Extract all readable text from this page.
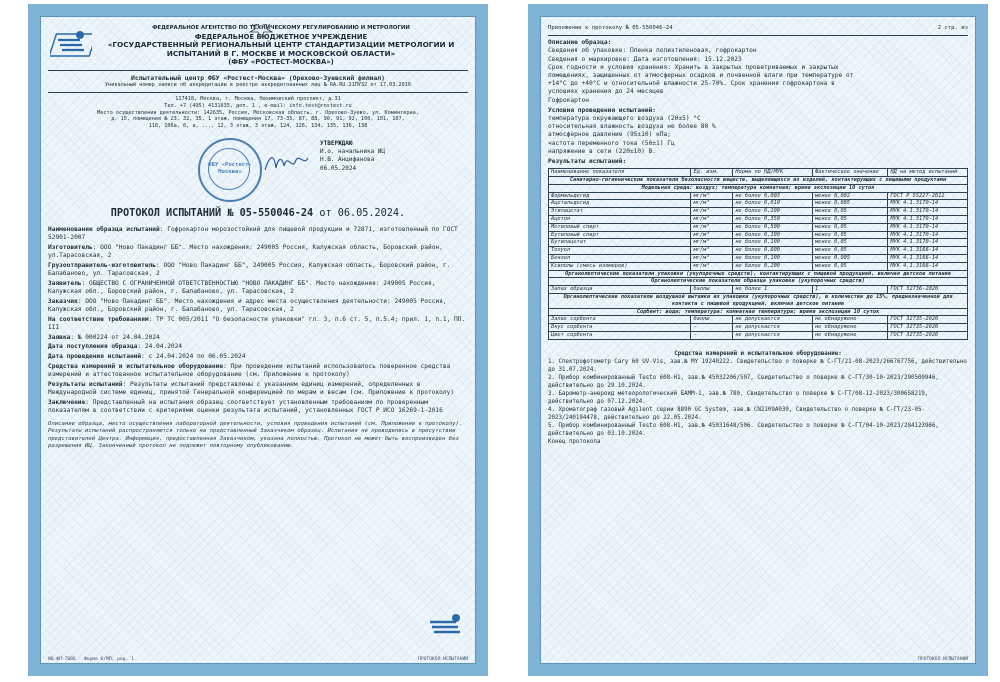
ФЕДЕРАЛЬНОЕ АГЕНТСТВО ПО ТЕХНИЧЕСКОМУ РЕГУЛИРОВАНИЮ И МЕТРОЛОГИИ
ФЕДЕРАЛЬНОЕ БЮДЖЕТНОЕ УЧРЕЖДЕНИЕ
«ГОСУДАРСТВЕННЫЙ РЕГИОНАЛЬНЫЙ ЦЕНТР СТАНДАРТИЗАЦИИ МЕТРОЛОГИИ И
ИСПЫТАНИЙ В Г. МОСКВЕ И МОСКОВСКОЙ ОБЛАСТИ»
(ФБУ «РОСТЕСТ-МОСКВА»)
Испытательный центр ФБУ «Ростест-Москва» (Орехово-Зуевский филиал)
Уникальный номер записи об аккредитации в реестре аккредитованных лиц № RA.RU.21ПУ32 от 17.03.2016
117418, Москва, г. Москва, Нахимовский проспект, д.31
Тел. +7 (495) 4131635, доп. 1 , e-mail: info.test@rostest.ru
Место осуществления деятельности: 142635, Россия, Московская область, г. Орехово-Зуево, ул. Коминтерна,
д. 15, помещения № 23, 32, 35, 1 этаж, помещения 17, 73-35, 87, 88, 90, 91, 92, 100, 101, 107,
110, 106а, 6, а, ..., 12, 3 этаж, 3 этаж, 124, 126, 134, 135, 136, 138
ФБУ «Ростест-Москва»
УТВЕРЖДАЮ
И.о. начальника ИЦ
Н.В. Анцифанова
06.05.2024
ПРОТОКОЛ ИСПЫТАНИЙ № 05-550046-24 от 06.05.2024.
Наименование образца испытаний: Гофрокартон морозостойкий для пищевой продукции и 72871, изготовленный по ГОСТ 52901-2007
Изготовитель: ООО "Ново Пакадинг ББ". Место нахождения: 249005 Россия, Калужская область, Боровский район, ул.Тарасовская, 2
Грузоотправитель-изготовитель: ООО "Ново Пакадинг ББ", 249005 Россия, Калужская область, Боровский район, г. Балабаново, ул. Тарасовская, 2
Заявитель: ОБЩЕСТВО С ОГРАНИЧЕННОЙ ОТВЕТСТВЕННОСТЬЮ "НОВО ПАКАДИНГ ББ". Место нахождения: 249005 Россия, Калужская обл., Боровский район, г. Балабаново, ул. Тарасовская, 2
Заказчик: ООО "Ново Пакадинг ББ". Место нахождения и адрес места осуществления деятельности: 249005 Россия, Калужская обл., Боровский район, г. Балабаново, ул. Тарасовская, 2
На соответствие требованиям: ТР ТС 005/2011 "О безопасности упаковки" гл. 3, п.6 ст. 5, п.5.4; прил. 1, п.1, ПП. III
Заявка: № 000224 от 24.04.2024
Дата поступления образца: 24.04.2024
Дата проведения испытаний: с 24.04.2024 по 06.05.2024
Средства измерений и испытательное оборудование: При проведении испытаний использовалось поверенное средства измерений и аттестованное испытательное оборудование (см. Приложение к протоколу)
Результаты испытаний: Результаты испытаний представлены с указанием единиц измерений, определенных в Международной системе единиц, принятой Генеральной конференцией по мерам и весам (см. Приложение к протоколу)
Заключение: Представленный на испытания образец соответствует установленным требованиям по проверенным показателям в соответствии с критериями оценки результата испытаний, установленных ГОСТ Р ИСО 16269-1-2016
Описание образца, место осуществления лабораторной деятельности, условия проведения испытаний (см. Приложение к протоколу). Результаты испытаний распространяются только на представленный Заказчиком образец. Испытания не проводились в присутствии представителей Центра. Информация, предоставленная Заказчиком, указана полностью. Протокол не может быть воспроизведен без разрешения ИЦ. Законченный протокол не подлежит повторному опубликованию.
ИЦ-ФП-7086 - Форма 6/МП, ред. 1	ПРОТОКОЛ ИСПЫТАНИЙ
Приложение к протоколу № 05-550046-24	2 стр. из
Описание образца:
Сведения об упаковке: Пленка полиэтиленовая, гофрокартон
Сведения о маркировке: Дата изготовления: 15.12.2023
Срок годности и условия хранения: Хранить в закрытых проветриваемых и закрытых
помещениях, защищенных от атмосферных осадков и почвенной влаги при температуре от
+14°С до +40°С и относительной влажности 25-70%. Срок хранения гофрокартона в
условиях хранения до 24 месяцев
Гофрокартон
Условия проведения испытаний:
температура окружающего воздуха (20±5) °С
относительная влажность воздуха не более 80 %
атмосферное давление (95±10) кПа;
частота переменного тока (50±1) Гц
напряжение в сети (220±10) В.
Результаты испытаний:
Наименование показателя	Ед. изм.	Норма по НД/МУК	Фактическое значение	НД на метод испытаний
Санитарно-гигиенические показатели безопасности веществ, выделяющихся из изделий, контактирующих с пищевыми продуктами				
Модельная среда: воздух; температура комнатная; время экспозиции 10 суток				
Формальдегид	мг/м³	не более 0,003	менее 0,002	ГОСТ Р 55227-2012
Ацетальдегид	мг/м³	не более 0,010	менее 0,005	МУК 4.1.3170-14
Этилацетат	мг/м³	не более 0,100	менее 0,05	МУК 4.1.3170-14
Ацетон	мг/м³	не более 0,350	менее 0,05	МУК 4.1.3170-14
Метиловый спирт	мг/м³	не более 0,500	менее 0,05	МУК 4.1.3170-14
Бутиловый спирт	мг/м³	не более 0,100	менее 0,05	МУК 4.1.3170-14
Бутилацетат	мг/м³	не более 0,100	менее 0,05	МУК 4.1.3170-14
Толуол	мг/м³	не более 0,600	менее 0,05	МУК 4.1.3166-14
Бензол	мг/м³	не более 0,100	менее 0,005	МУК 4.1.3166-14
Ксилолы (смесь изомеров)	мг/м³	не более 0,200	менее 0,05	МУК 4.1.3166-14
Органолептические показатели упаковки (укупорочных средств), контактирующих с пищевой продукцией, включая детское питание				
Органолептические показатели образца упаковки (укупорочных средств)				
Запах образца	баллы	не более 1	1	ГОСТ 32736-2020
Органолептические показатели воздушной вытяжки из упаковки (укупорочных средств), в количестве до 15%, предназначенной для контакта с пищевой продукцией, включая детское питание				
Сорбент: вода; температура: комнатная температура; время экспозиции 10 суток				
Запах сорбента	баллы	не допускается	не обнаружено	ГОСТ 32735-2020
Вкус сорбента	-	не допускается	не обнаружено	ГОСТ 32735-2020
Цвет сорбента	-	не допускается	не обнаружено	ГОСТ 32735-2020
Средства измерений и испытательное оборудование:
1. Спектрофотометр Cary 60 UV-Vis, зав.№ MY 19240222. Свидетельство о поверке № С-ГТ/21-08-2023/266767756, действительно до 31.07.2024.
2. Прибор комбинированный Testo 608-H1, зав.№ 45032206/507, Свидетельство о поверке № С-ГТ/30-10-2023/290500946, действительно до 29.10.2024.
3. Барометр-анероид метеорологический БАММ-1, зав.№ 780, Свидетельство о поверке № С-ГТ/08-12-2023/300658219, действительно до 07.12.2024.
4. Хроматограф газовый Agilent серии 8890 GC System, зав.№ CN2109A030, Свидетельство о поверке № С-ГТ/23-05-2023/240194478, действительно до 22.05.2024.
5. Прибор комбинированный Testo 608-H1, зав.№ 45031648/506. Свидетельство о поверке № С-ГТ/04-10-2023/284123966, действительно до 03.10.2024.
Конец протокола
ПРОТОКОЛ ИСПЫТАНИЙ
